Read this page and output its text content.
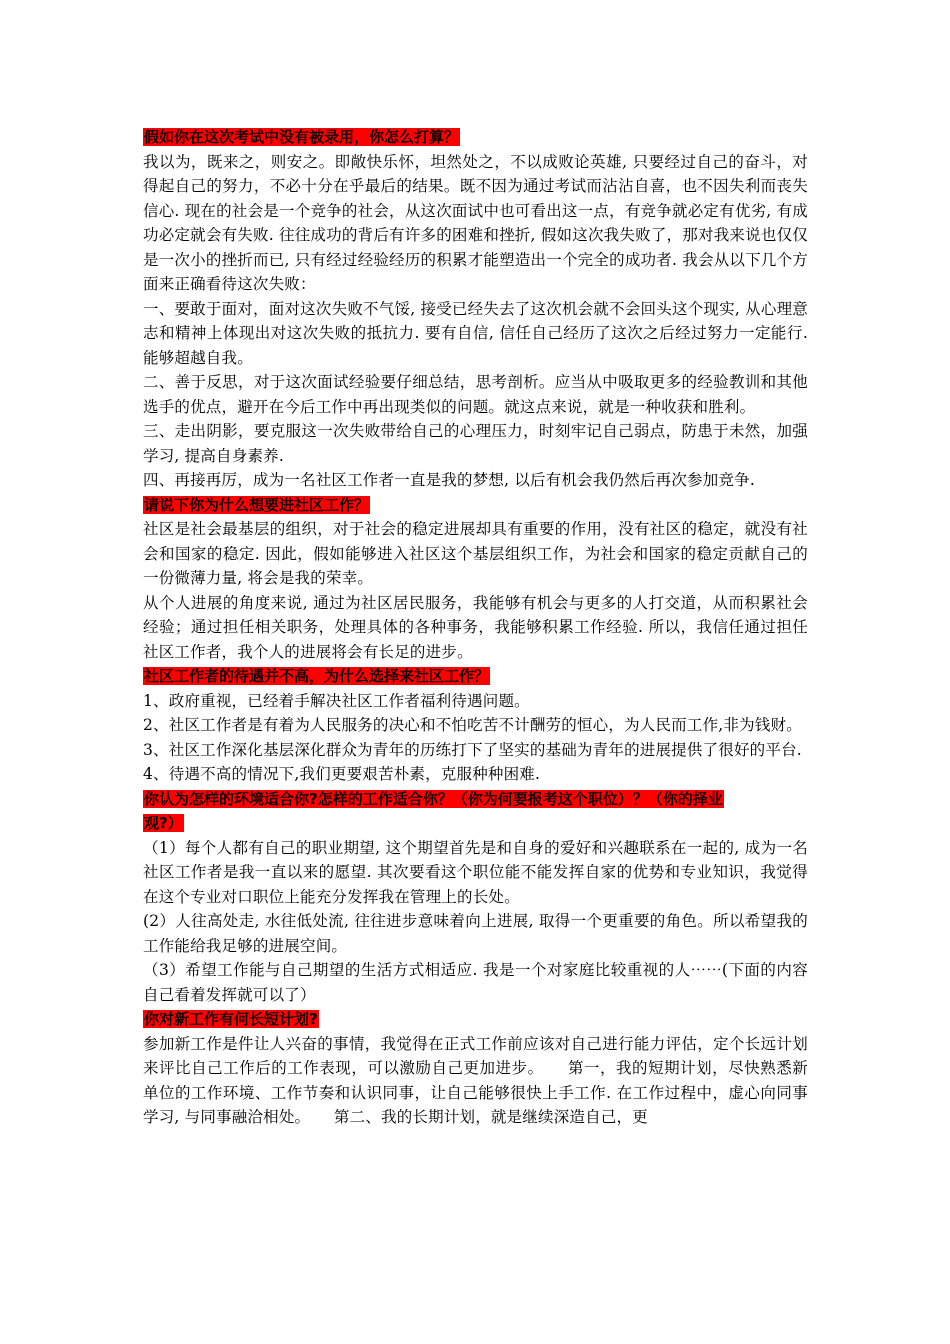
假如你在这次考试中没有被录用，你怎么打算？

我以为，既来之，则安之。即敞快乐怀，坦然处之，不以成败论英雄, 只要经过自己的奋斗，对得起自己的努力，不必十分在乎最后的结果。既不因为通过考试而沾沾自喜，也不因失利而丧失信心. 现在的社会是一个竞争的社会，从这次面试中也可看出这一点，有竞争就必定有优劣, 有成功必定就会有失败. 往往成功的背后有许多的困难和挫折, 假如这次我失败了，那对我来说也仅仅是一次小的挫折而已, 只有经过经验经历的积累才能塑造出一个完全的成功者. 我会从以下几个方面来正确看待这次失败：

一、要敢于面对，面对这次失败不气馁, 接受已经失去了这次机会就不会回头这个现实, 从心理意志和精神上体现出对这次失败的抵抗力. 要有自信, 信任自己经历了这次之后经过努力一定能行. 能够超越自我。

二、善于反思，对于这次面试经验要仔细总结，思考剖析。应当从中吸取更多的经验教训和其他选手的优点，避开在今后工作中再出现类似的问题。就这点来说，就是一种收获和胜利。

三、走出阴影，要克服这一次失败带给自己的心理压力，时刻牢记自己弱点，防患于未然，加强学习, 提高自身素养.

四、再接再厉，成为一名社区工作者一直是我的梦想, 以后有机会我仍然后再次参加竞争.

请说下你为什么想要进社区工作？

社区是社会最基层的组织，对于社会的稳定进展却具有重要的作用，没有社区的稳定，就没有社会和国家的稳定. 因此，假如能够进入社区这个基层组织工作，为社会和国家的稳定贡献自己的一份微薄力量, 将会是我的荣幸。

从个人进展的角度来说, 通过为社区居民服务，我能够有机会与更多的人打交道，从而积累社会经验；通过担任相关职务，处理具体的各种事务，我能够积累工作经验. 所以，我信任通过担任社区工作者，我个人的进展将会有长足的进步。

社区工作者的待遇并不高，为什么选择来社区工作？

1、政府重视，已经着手解决社区工作者福利待遇问题。

2、社区工作者是有着为人民服务的决心和不怕吃苦不计酬劳的恒心，为人民而工作,非为钱财。

3、社区工作深化基层深化群众为青年的历练打下了坚实的基础为青年的进展提供了很好的平台.

4、待遇不高的情况下,我们更要艰苦朴素，克服种种困难.

你认为怎样的环境适合你?怎样的工作适合你？（你为何要报考这个职位）？（你的择业

观?）

（1）每个人都有自己的职业期望, 这个期望首先是和自身的爱好和兴趣联系在一起的, 成为一名社区工作者是我一直以来的愿望. 其次要看这个职位能不能发挥自家的优势和专业知识，我觉得在这个专业对口职位上能充分发挥我在管理上的长处。

(2）人往高处走, 水往低处流, 往往进步意味着向上进展, 取得一个更重要的角色。所以希望我的工作能给我足够的进展空间。

（3）希望工作能与自己期望的生活方式相适应. 我是一个对家庭比较重视的人⋯⋯(下面的内容自己看着发挥就可以了）

你对新工作有何长短计划?

参加新工作是件让人兴奋的事情，我觉得在正式工作前应该对自己进行能力评估，定个长远计划来评比自己工作后的工作表现，可以激励自己更加进步。　　第一，我的短期计划，尽快熟悉新单位的工作环境、工作节奏和认识同事，让自己能够很快上手工作. 在工作过程中，虚心向同事学习, 与同事融洽相处。　　第二、我的长期计划，就是继续深造自己，更
